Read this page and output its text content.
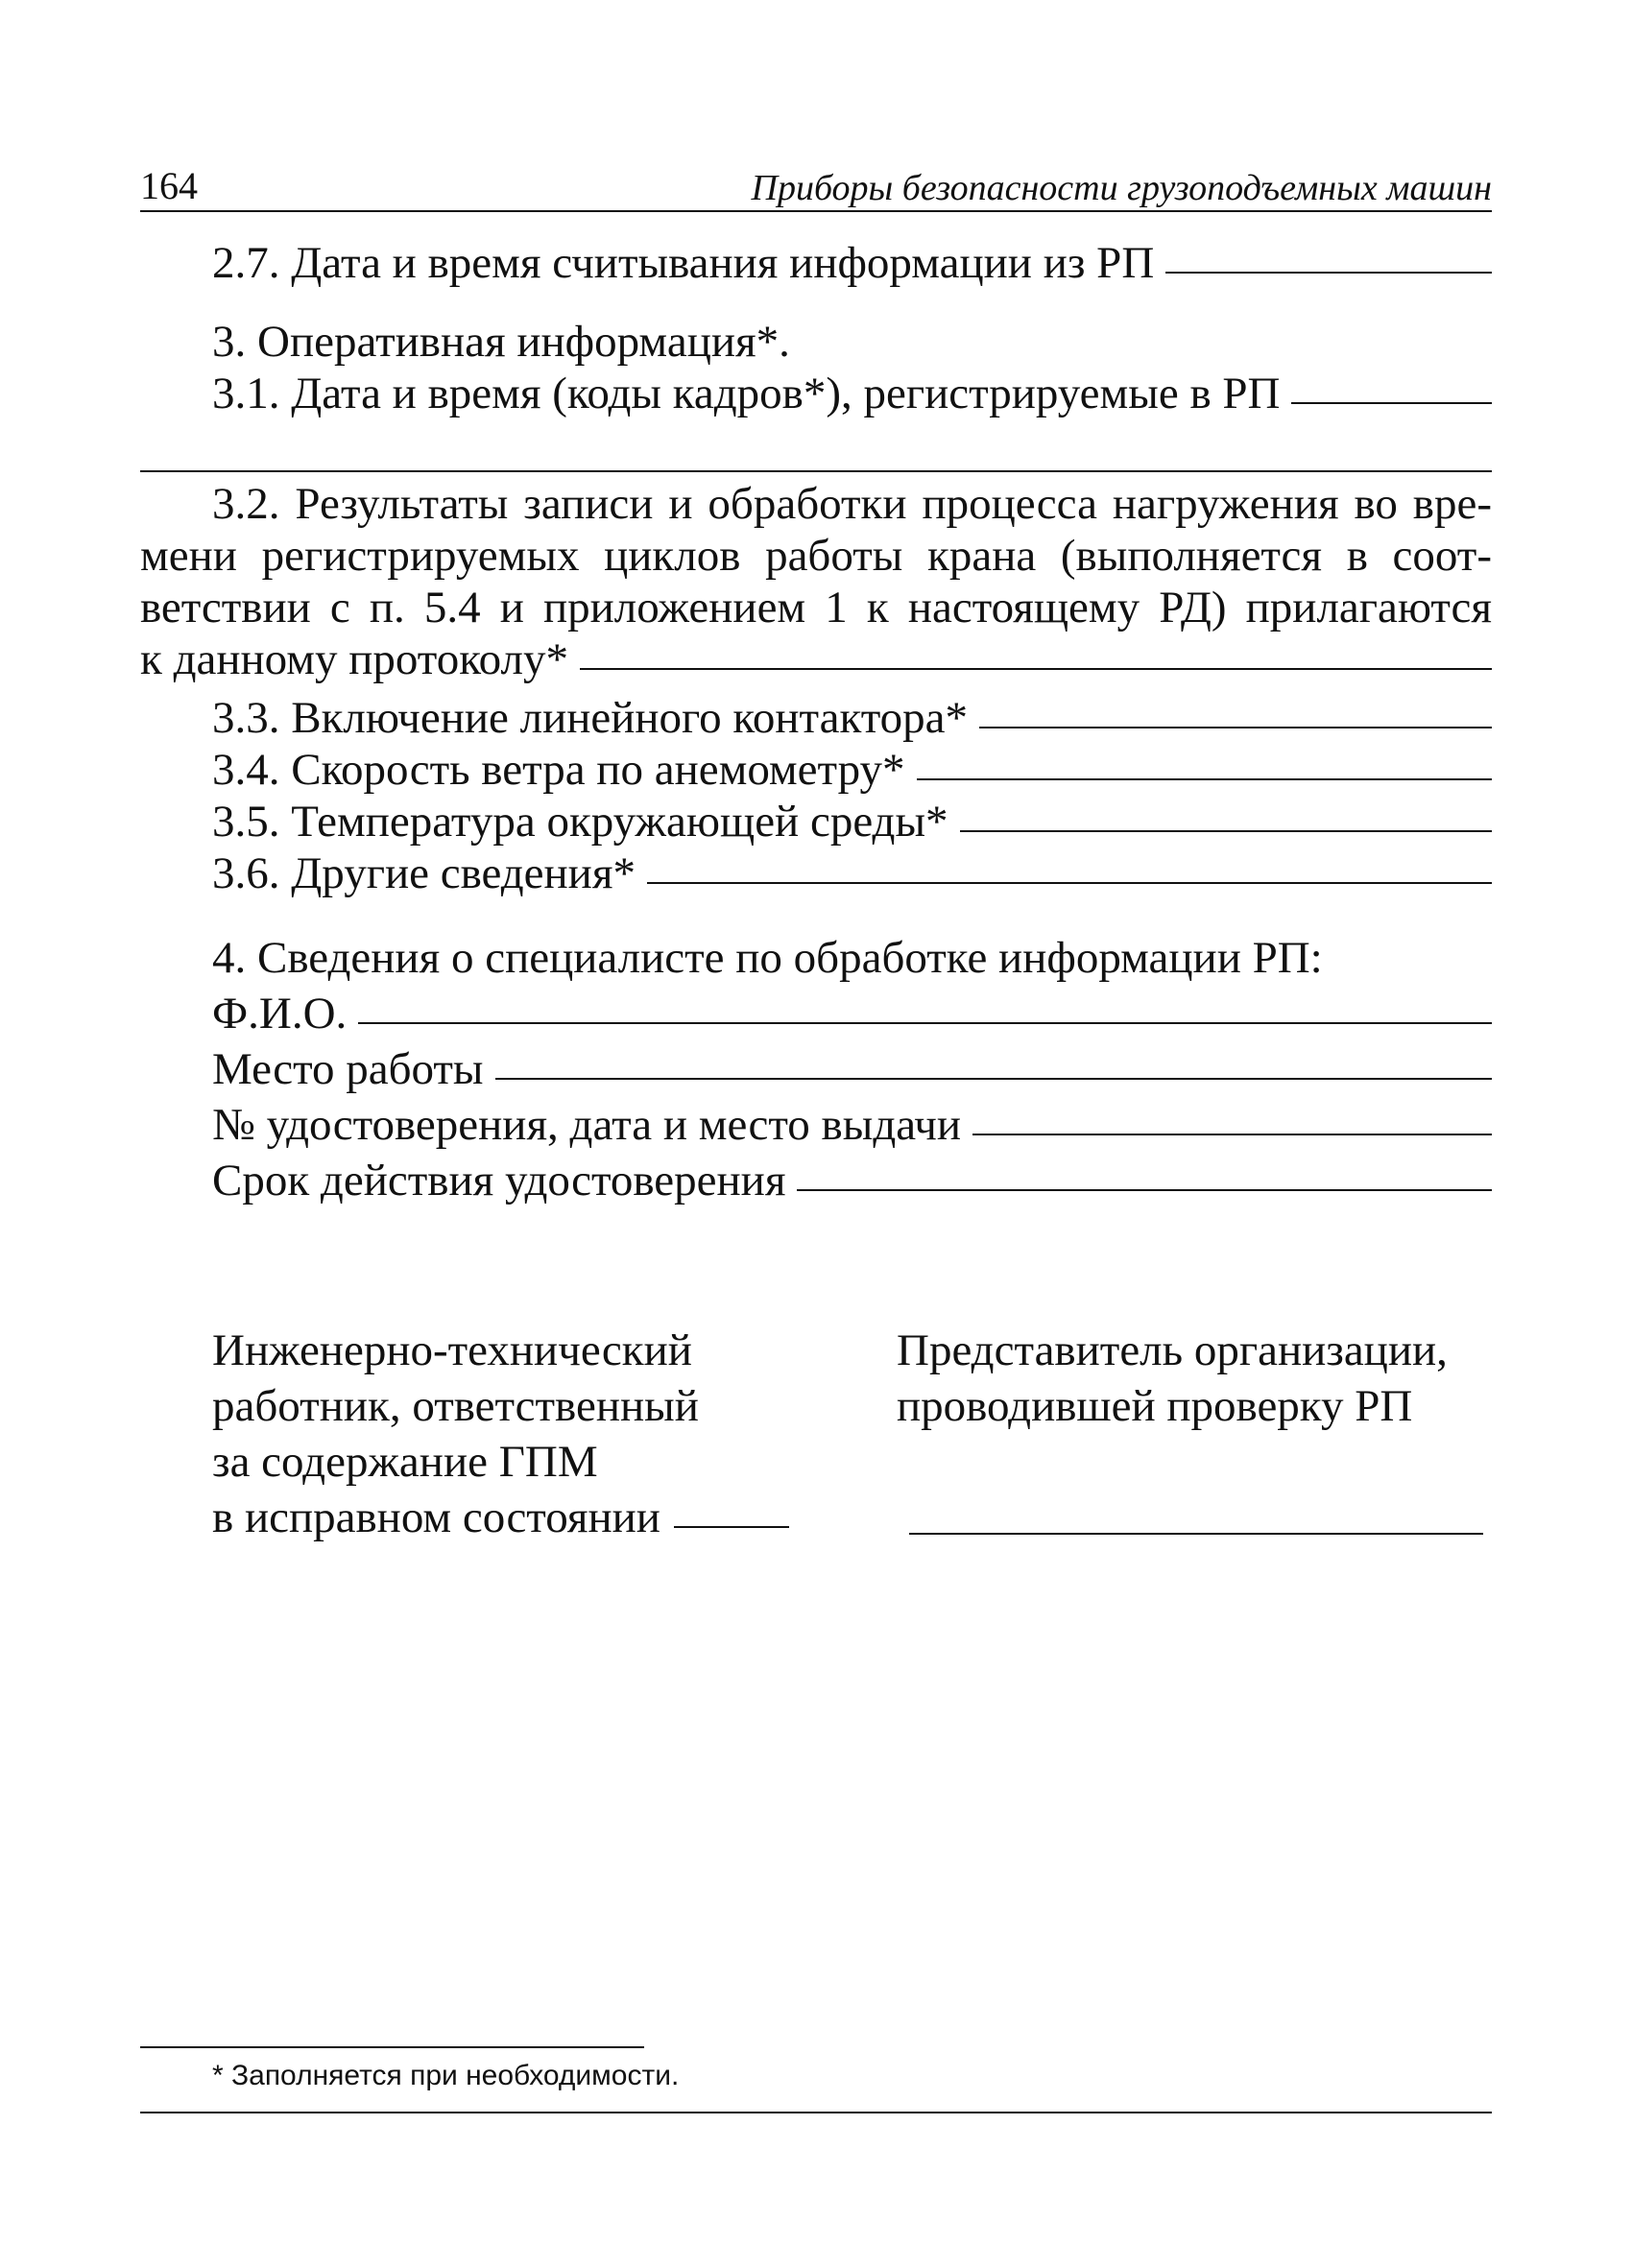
164	Приборы безопасности грузоподъемных машин
2.7. Дата и время считывания информации из РП
3. Оперативная информация*.
3.1. Дата и время (коды кадров*), регистрируемые в РП
3.2. Результаты записи и обработки процесса нагружения во вре-
мени регистрируемых циклов работы крана (выполняется в соот-
ветствии с п. 5.4 и приложением 1 к настоящему РД) прилагаются
к данному протоколу*
3.3. Включение линейного контактора*
3.4. Скорость ветра по анемометру*
3.5. Температура окружающей среды*
3.6. Другие сведения*
4. Сведения о специалисте по обработке информации РП:
Ф.И.О.
Место работы
№ удостоверения, дата и место выдачи
Срок действия удостоверения
Инженерно-технический
работник, ответственный
за содержание ГПМ
в исправном состоянии
Представитель организации,
проводившей проверку РП
* Заполняется при необходимости.
